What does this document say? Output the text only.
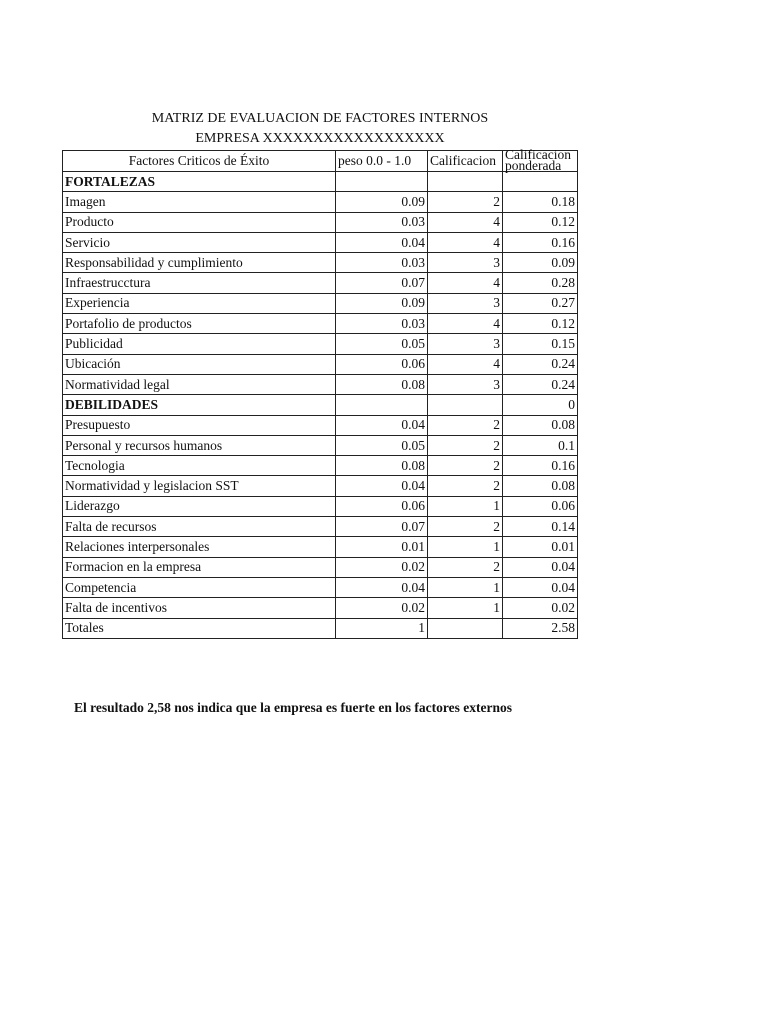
MATRIZ DE EVALUACION DE FACTORES INTERNOS
EMPRESA XXXXXXXXXXXXXXXXXX
Factores Criticos de Éxito	peso 0.0 - 1.0	Calificacion	Calificacion ponderada

FORTALEZAS			
Imagen	0.09	2	0.18
Producto	0.03	4	0.12
Servicio	0.04	4	0.16
Responsabilidad y cumplimiento	0.03	3	0.09
Infraestrucctura	0.07	4	0.28
Experiencia	0.09	3	0.27
Portafolio de productos	0.03	4	0.12
Publicidad	0.05	3	0.15
Ubicación	0.06	4	0.24
Normatividad legal	0.08	3	0.24
DEBILIDADES			0
Presupuesto	0.04	2	0.08
Personal y recursos humanos	0.05	2	0.1
Tecnologia	0.08	2	0.16
Normatividad y legislacion SST	0.04	2	0.08
Liderazgo	0.06	1	0.06
Falta de recursos	0.07	2	0.14
Relaciones interpersonales	0.01	1	0.01
Formacion en la empresa	0.02	2	0.04
Competencia	0.04	1	0.04
Falta de incentivos	0.02	1	0.02
Totales	1		2.58
El resultado 2,58 nos indica que la empresa es fuerte en los factores externos
